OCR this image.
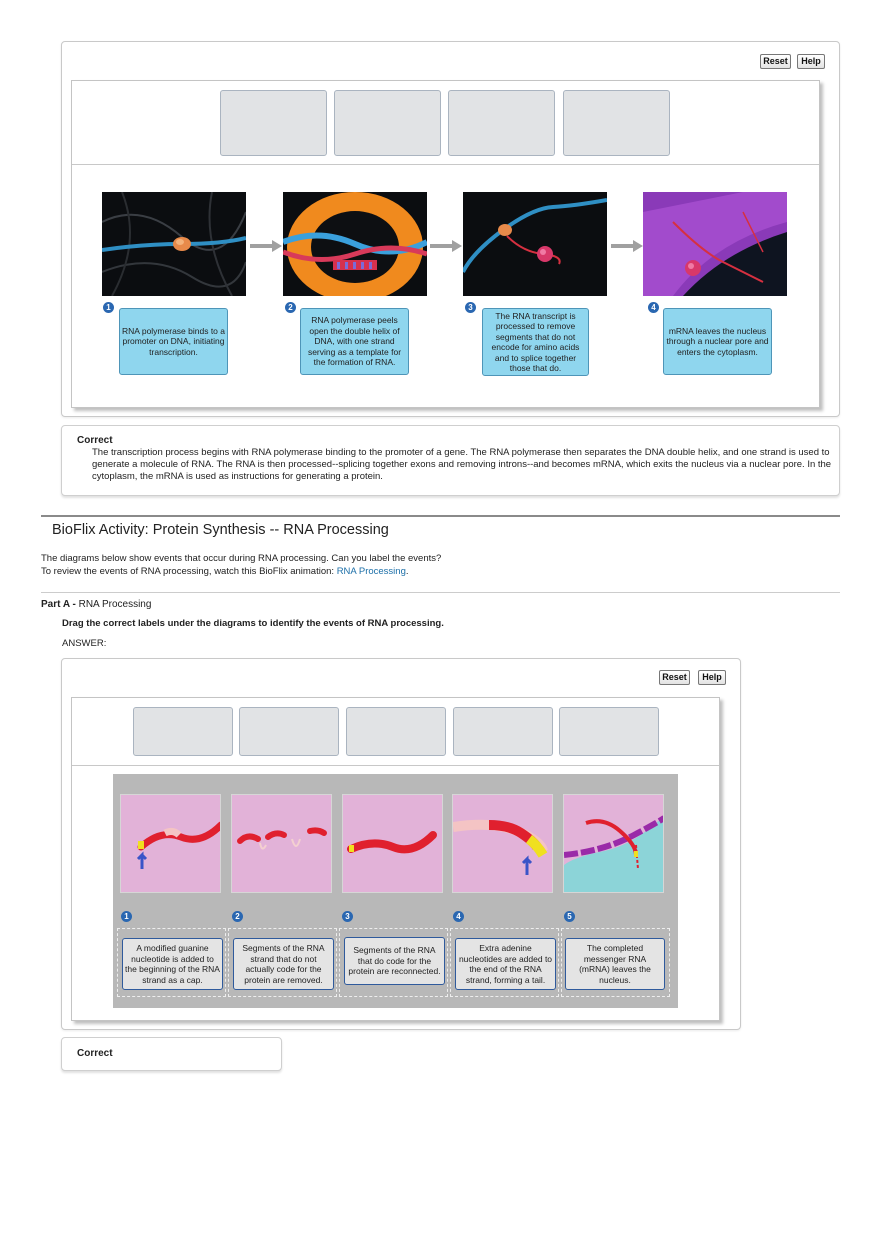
Reset	Help
1	2	3	4
RNA polymerase binds to a promoter on DNA, initiating transcription.
RNA polymerase peels open the double helix of DNA, with one strand serving as a template for the formation of RNA.
The RNA transcript is processed to remove segments that do not encode for amino acids and to splice together those that do.
mRNA leaves the nucleus through a nuclear pore and enters the cytoplasm.
Correct
The transcription process begins with RNA polymerase binding to the promoter of a gene. The RNA polymerase then separates the DNA double helix, and one strand is used to generate a molecule of RNA. The RNA is then processed--splicing together exons and removing introns--and becomes mRNA, which exits the nucleus via a nuclear pore. In the cytoplasm, the mRNA is used as instructions for generating a protein.
BioFlix Activity: Protein Synthesis -- RNA Processing
The diagrams below show events that occur during RNA processing. Can you label the events?
To review the events of RNA processing, watch this BioFlix animation: RNA Processing.
Part A - RNA Processing
Drag the correct labels under the diagrams to identify the events of RNA processing.
ANSWER:
Reset	Help
1	2	3	4	5
A modified guanine nucleotide is added to the beginning of the RNA strand as a cap.
Segments of the RNA strand that do not actually code for the protein are removed.
Segments of the RNA that do code for the protein are reconnected.
Extra adenine nucleotides are added to the end of the RNA strand, forming a tail.
The completed messenger RNA (mRNA) leaves the nucleus.
Correct
